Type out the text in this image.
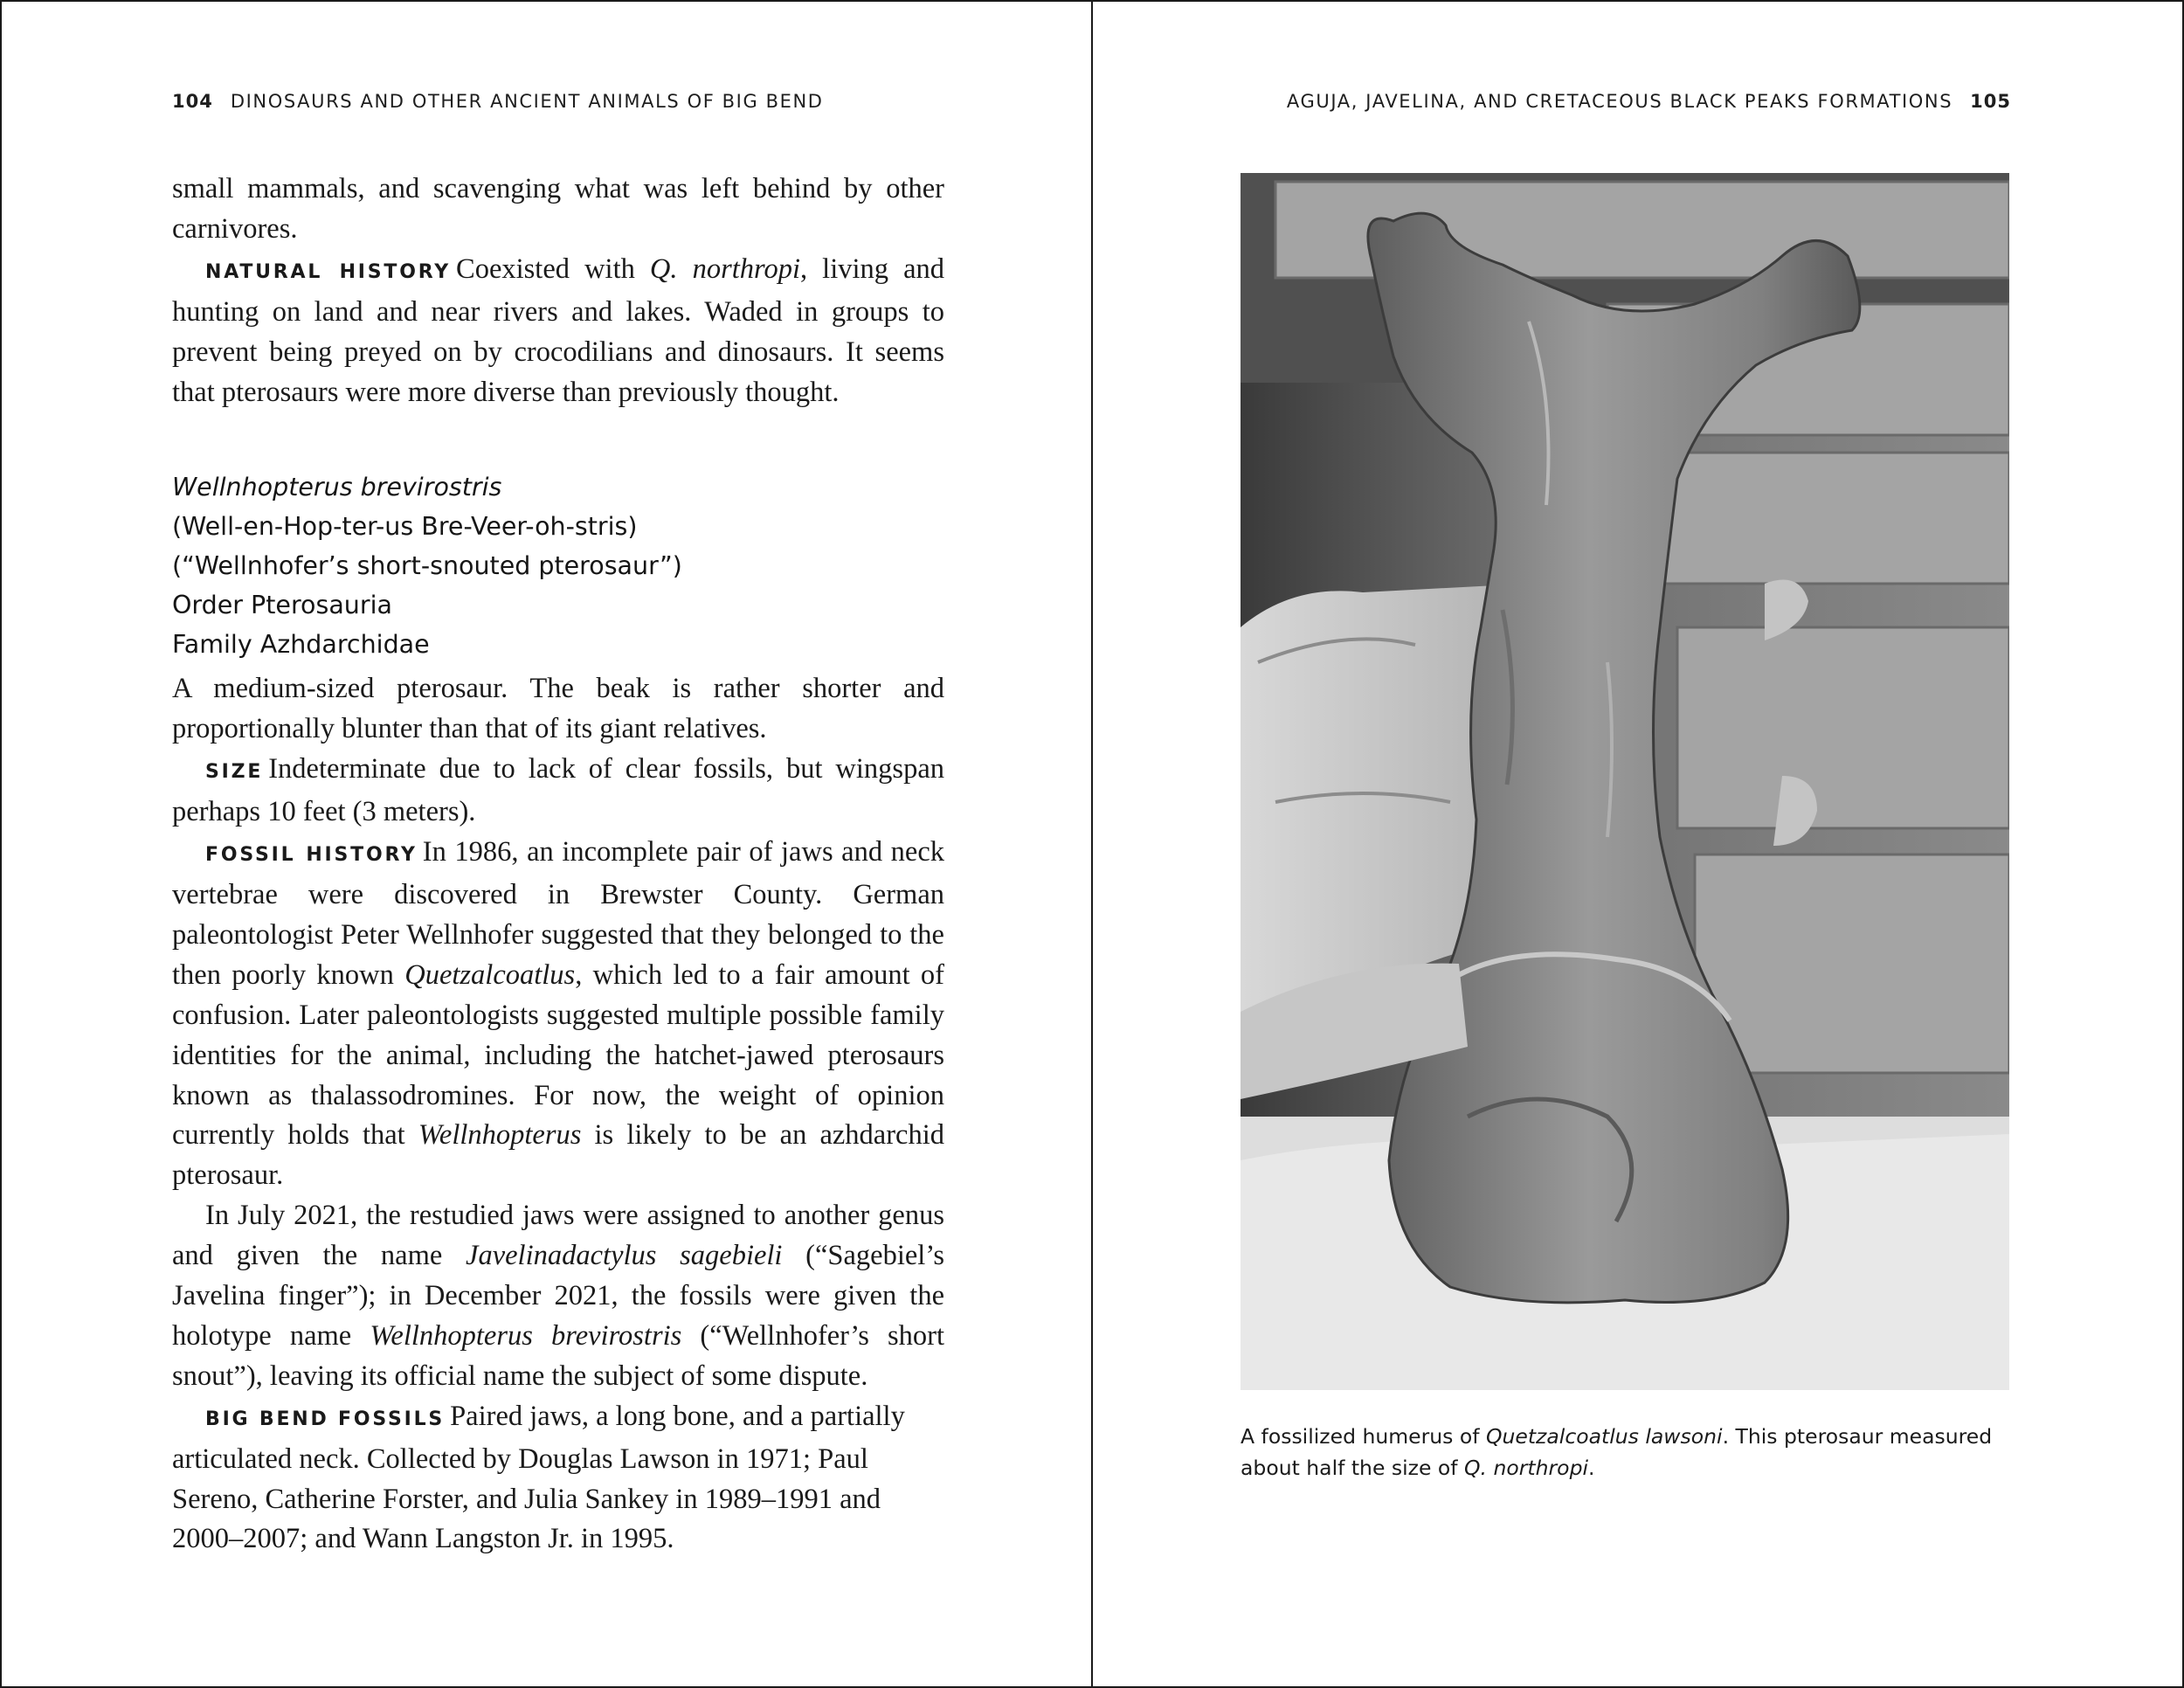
104 DINOSAURS AND OTHER ANCIENT ANIMALS OF BIG BEND

small mammals, and scavenging what was left behind by other carnivores.

NATURAL HISTORY Coexisted with Q. northropi, living and hunting on land and near rivers and lakes. Waded in groups to prevent being preyed on by crocodilians and dinosaurs. It seems that pterosaurs were more diverse than previously thought.

Wellnhopterus brevirostris
(Well-en-Hop-ter-us Bre-Veer-oh-stris)
(“Wellnhofer’s short-snouted pterosaur”)
Order Pterosauria
Family Azhdarchidae

A medium-sized pterosaur. The beak is rather shorter and proportionally blunter than that of its giant relatives.

SIZE Indeterminate due to lack of clear fossils, but wingspan perhaps 10 feet (3 meters).

FOSSIL HISTORY In 1986, an incomplete pair of jaws and neck vertebrae were discovered in Brewster County. German paleontologist Peter Wellnhofer suggested that they belonged to the then poorly known Quetzalcoatlus, which led to a fair amount of confusion. Later paleontologists suggested multiple possible family identities for the animal, including the hatchet-jawed pterosaurs known as thalassodromines. For now, the weight of opinion currently holds that Wellnhopterus is likely to be an azhdarchid pterosaur.

In July 2021, the restudied jaws were assigned to another genus and given the name Javelinadactylus sagebieli (“Sagebiel’s Javelina finger”); in December 2021, the fossils were given the holotype name Wellnhopterus brevirostris (“Wellnhofer’s short snout”), leaving its official name the subject of some dispute.

BIG BEND FOSSILS Paired jaws, a long bone, and a partially articulated neck. Collected by Douglas Lawson in 1971; Paul Sereno, Catherine Forster, and Julia Sankey in 1989–1991 and 2000–2007; and Wann Langston Jr. in 1995.

AGUJA, JAVELINA, AND CRETACEOUS BLACK PEAKS FORMATIONS 105
A fossilized humerus of Quetzalcoatlus lawsoni. This pterosaur measured about half the size of Q. northropi.
